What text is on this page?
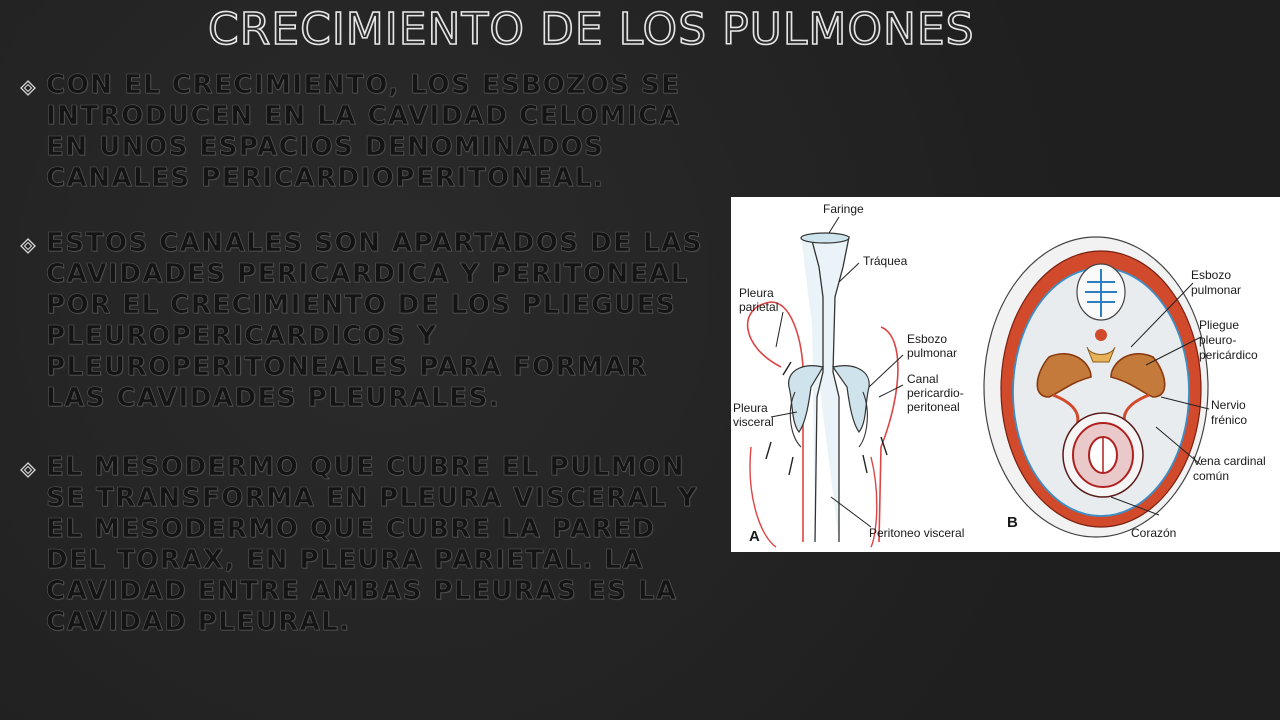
CRECIMIENTO DE LOS PULMONES
CON EL CRECIMIENTO, LOS ESBOZOS SE INTRODUCEN EN LA CAVIDAD CELOMICA EN UNOS ESPACIOS DENOMINADOS CANALES PERICARDIOPERITONEAL.
ESTOS CANALES SON APARTADOS DE LAS CAVIDADES PERICARDICA Y PERITONEAL POR EL CRECIMIENTO DE LOS PLIEGUES PLEUROPERICARDICOS Y PLEUROPERITONEALES PARA FORMAR LAS CAVIDADES PLEURALES.
EL MESODERMO QUE CUBRE EL PULMON SE TRANSFORMA EN PLEURA VISCERAL Y EL MESODERMO QUE CUBRE LA PARED DEL TORAX, EN PLEURA PARIETAL. LA CAVIDAD ENTRE AMBAS PLEURAS ES LA CAVIDAD PLEURAL.
Faringe
Tráquea
Pleura
parietal
Esbozo
pulmonar
Canal
pericardio-
peritoneal
Pleura
visceral
Peritoneo visceral
A
Esbozo
pulmonar
Pliegue
pleuro-
pericárdico
Nervio
frénico
Vena cardinal
común
Corazón
B
